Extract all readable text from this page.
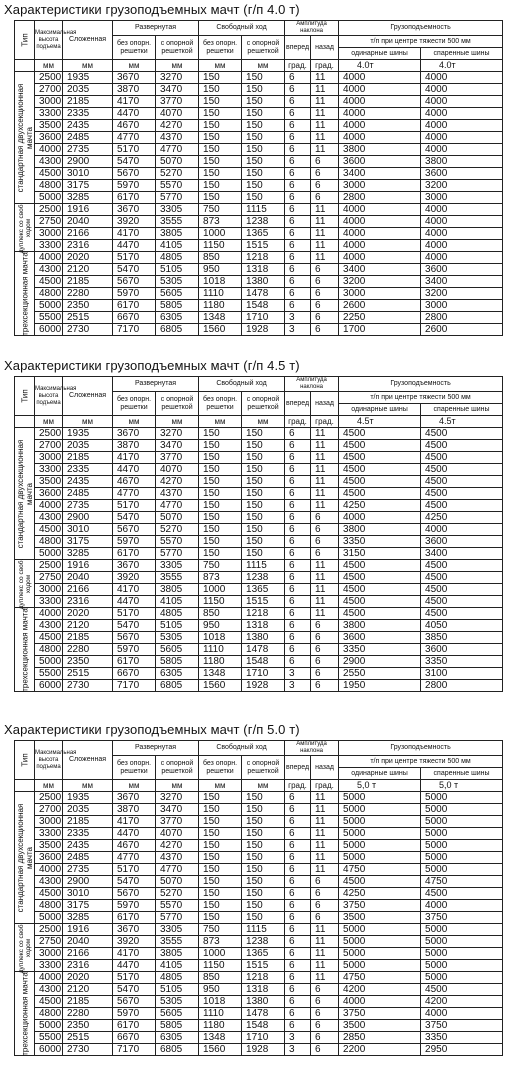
Характеристики грузоподъемных мачт (г/п 4.0 т)
Тип	Максимальная высота подъема	Сложенная	Развернутая		Свободный ход		Амплитуда наклона		Грузоподъемность	
			без опорн. решетки	с опорной решеткой	без опорн. решетки	с опорной решеткой	вперед	назад	т/п при центре тяжести 500 мм	
									одинарные шины	спаренные шины
	мм	мм	мм	мм	мм	мм	град.	град.	4.0т	4.0т

стандартная двухсекционная мачта	2500	1935	3670	3270	150	150	6	11	4000	4000
	2700	2035	3870	3470	150	150	6	11	4000	4000
	3000	2185	4170	3770	150	150	6	11	4000	4000
	3300	2335	4470	4070	150	150	6	11	4000	4000
	3500	2435	4670	4270	150	150	6	11	4000	4000
	3600	2485	4770	4370	150	150	6	11	4000	4000
	4000	2735	5170	4770	150	150	6	11	3800	4000
	4300	2900	5470	5070	150	150	6	6	3600	3800
	4500	3010	5670	5270	150	150	6	6	3400	3600
	4800	3175	5970	5570	150	150	6	6	3000	3200
	5000	3285	6170	5770	150	150	6	6	2800	3000

дуплекс со своб. ходом	2500	1916	3670	3305	750	1115	6	11	4000	4000
	2750	2040	3920	3555	873	1238	6	11	4000	4000
	3000	2166	4170	3805	1000	1365	6	11	4000	4000
	3300	2316	4470	4105	1150	1515	6	11	4000	4000

трехсекционная мачта	4000	2020	5170	4805	850	1218	6	11	4000	4000
	4300	2120	5470	5105	950	1318	6	6	3400	3600
	4500	2185	5670	5305	1018	1380	6	6	3200	3400
	4800	2280	5970	5605	1110	1478	6	6	3000	3200
	5000	2350	6170	5805	1180	1548	6	6	2600	3000
	5500	2515	6670	6305	1348	1710	3	6	2250	2800
	6000	2730	7170	6805	1560	1928	3	6	1700	2600
Характеристики грузоподъемных мачт (г/п 4.5 т)
Тип	Максимальная высота подъема	Сложенная	Развернутая		Свободный ход		Амплитуда наклона		Грузоподъемность	
			без опорн. решетки	с опорной решеткой	без опорн. решетки	с опорной решеткой	вперед	назад	т/п при центре тяжести 500 мм	
									одинарные шины	спаренные шины
	мм	мм	мм	мм	мм	мм	град.	град.	4.5т	4.5т

стандартная двухсекционная мачта	2500	1935	3670	3270	150	150	6	11	4500	4500
	2700	2035	3870	3470	150	150	6	11	4500	4500
	3000	2185	4170	3770	150	150	6	11	4500	4500
	3300	2335	4470	4070	150	150	6	11	4500	4500
	3500	2435	4670	4270	150	150	6	11	4500	4500
	3600	2485	4770	4370	150	150	6	11	4500	4500
	4000	2735	5170	4770	150	150	6	11	4250	4500
	4300	2900	5470	5070	150	150	6	6	4000	4250
	4500	3010	5670	5270	150	150	6	6	3800	4000
	4800	3175	5970	5570	150	150	6	6	3350	3600
	5000	3285	6170	5770	150	150	6	6	3150	3400

дуплекс со своб. ходом	2500	1916	3670	3305	750	1115	6	11	4500	4500
	2750	2040	3920	3555	873	1238	6	11	4500	4500
	3000	2166	4170	3805	1000	1365	6	11	4500	4500
	3300	2316	4470	4105	1150	1515	6	11	4500	4500

трехсекционная мачта	4000	2020	5170	4805	850	1218	6	11	4500	4500
	4300	2120	5470	5105	950	1318	6	6	3800	4050
	4500	2185	5670	5305	1018	1380	6	6	3600	3850
	4800	2280	5970	5605	1110	1478	6	6	3350	3600
	5000	2350	6170	5805	1180	1548	6	6	2900	3350
	5500	2515	6670	6305	1348	1710	3	6	2550	3100
	6000	2730	7170	6805	1560	1928	3	6	1950	2800
Характеристики грузоподъемных мачт (г/п 5.0 т)
Тип	Максимальная высота подъема	Сложенная	Развернутая		Свободный ход		Амплитуда наклона		Грузоподъемность	
			без опорн. решетки	с опорной решеткой	без опорн. решетки	с опорной решеткой	вперед	назад	т/п при центре тяжести 500 мм	
									одинарные шины	спаренные шины
	мм	мм	мм	мм	мм	мм	град.	град.	5,0 т	5,0 т

стандартная двухсекционная мачта	2500	1935	3670	3270	150	150	6	11	5000	5000
	2700	2035	3870	3470	150	150	6	11	5000	5000
	3000	2185	4170	3770	150	150	6	11	5000	5000
	3300	2335	4470	4070	150	150	6	11	5000	5000
	3500	2435	4670	4270	150	150	6	11	5000	5000
	3600	2485	4770	4370	150	150	6	11	5000	5000
	4000	2735	5170	4770	150	150	6	11	4750	5000
	4300	2900	5470	5070	150	150	6	6	4500	4750
	4500	3010	5670	5270	150	150	6	6	4250	4500
	4800	3175	5970	5570	150	150	6	6	3750	4000
	5000	3285	6170	5770	150	150	6	6	3500	3750

дуплекс со своб. ходом	2500	1916	3670	3305	750	1115	6	11	5000	5000
	2750	2040	3920	3555	873	1238	6	11	5000	5000
	3000	2166	4170	3805	1000	1365	6	11	5000	5000
	3300	2316	4470	4105	1150	1515	6	11	5000	5000

трехсекционная мачта	4000	2020	5170	4805	850	1218	6	11	4750	5000
	4300	2120	5470	5105	950	1318	6	6	4200	4500
	4500	2185	5670	5305	1018	1380	6	6	4000	4200
	4800	2280	5970	5605	1110	1478	6	6	3750	4000
	5000	2350	6170	5805	1180	1548	6	6	3500	3750
	5500	2515	6670	6305	1348	1710	3	6	2850	3350
	6000	2730	7170	6805	1560	1928	3	6	2200	2950
